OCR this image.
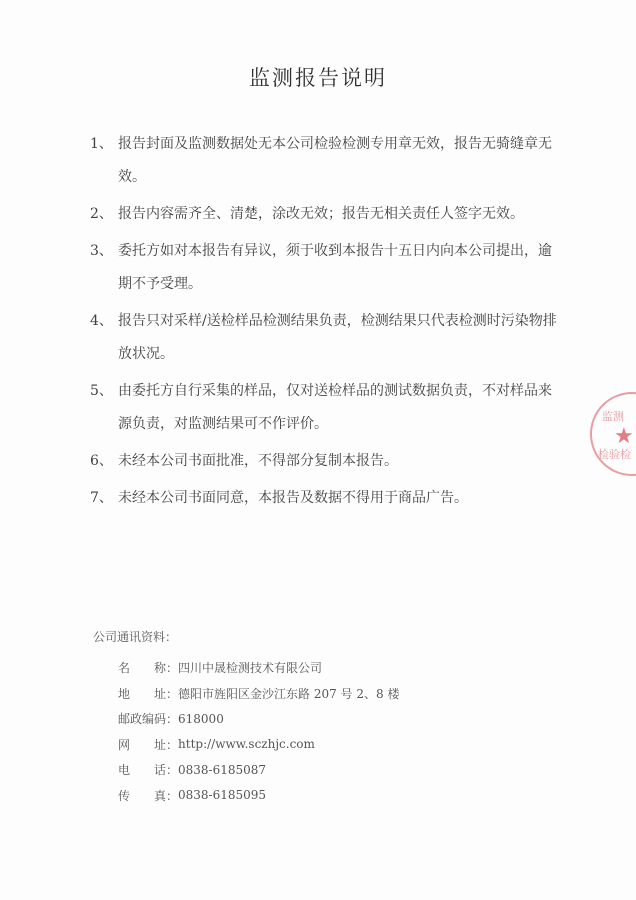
监测报告说明
1、 报告封面及监测数据处无本公司检验检测专用章无效，报告无骑缝章无效。
2、 报告内容需齐全、清楚，涂改无效；报告无相关责任人签字无效。
3、 委托方如对本报告有异议，须于收到本报告十五日内向本公司提出，逾期不予受理。
4、 报告只对采样/送检样品检测结果负责，检测结果只代表检测时污染物排放状况。
5、 由委托方自行采集的样品，仅对送检样品的测试数据负责，不对样品来源负责，对监测结果可不作评价。
6、 未经本公司书面批准，不得部分复制本报告。
7、 未经本公司书面同意，本报告及数据不得用于商品广告。
公司通讯资料：
名　　称： 四川中晟检测技术有限公司
地　　址： 德阳市旌阳区金沙江东路 207 号 2、8 楼
邮政编码： 618000
网　　址： http://www.sczhjc.com
电　　话： 0838-6185087
传　　真： 0838-6185095
监测
★
检验检
